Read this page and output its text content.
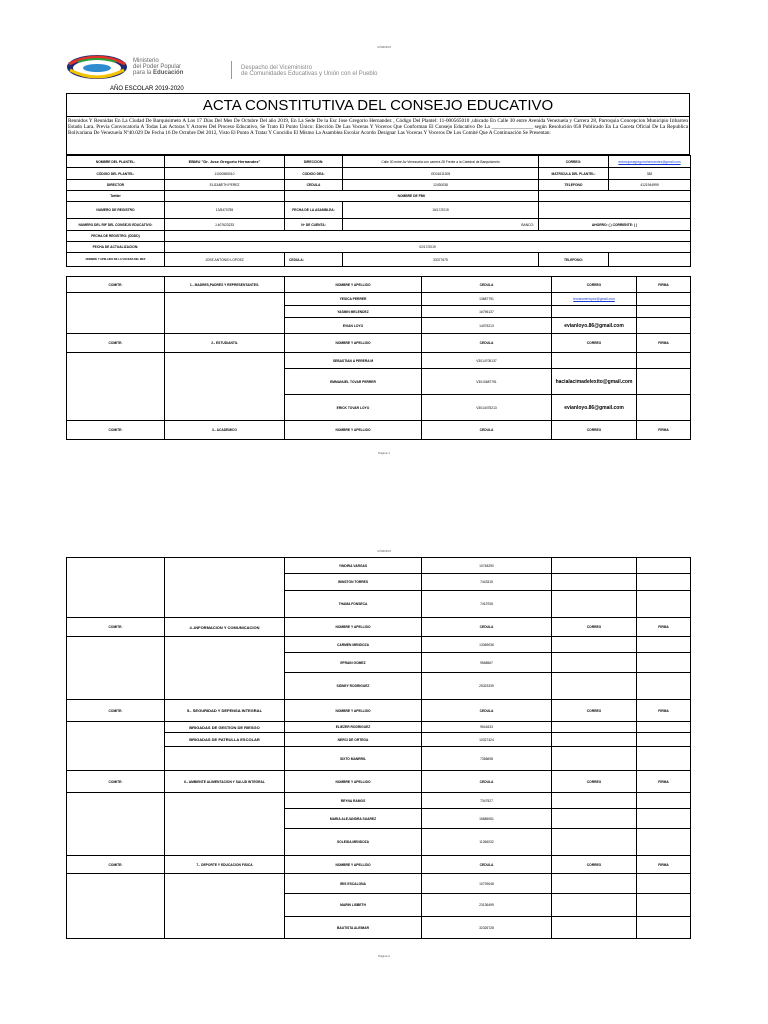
CÓMODO
Ministerio
del Poder Popular
para la Educación
Despacho del Viceministro
de Comunidades Educativas y Unión con el Pueblo
AÑO ESCOLAR 2019-2020
ACTA CONSTITUTIVA DEL CONSEJO EDUCATIVO
Reunidos Y Reunidas En La Ciudad De Barquisimeto A Los 17 Días Del Mes De Octubre Del año 2019, En La Sede De la Esc Jose Gregorio Hernandez , Código Del Plantel: 11-000565010 ,ubicado En Calle 30 entre Avenida Venezuela y Carrera 28, Parroquia Concepcion Municipio Iribarren Estado Lara. Previa Convocatoria A Todas Las Actoras Y Actores Del Proceso Educativo, Se Trato El Punto Único: Elección De Las Voceras Y Voceros Que Conforman El Consejo Educativo De La ________________ según Resolución 058 Publicado En La Gaceta Oficial De La Republica Bolivariana De Venezuela Nº40.029 De Fecha 16 De Octubre Del 2012, Visto El Punto A Tratar Y Concidio El Mismo La Asamblea Escolar Acordo Designar Las Voceras Y Voceros De Los Comité Que A Continuación Se Presentan:
NOMBRE DEL PLANTEL:	EBMU "Dr. Jose Gregorio Hernandez"	DIRECCION:	Calle 30 entre Av Venezuela con carrera 28 Frente a la Catedral de Barquisimeto	CORREO:	eebmujosegregoriohernandez@gmail.com
CÓDIGO DEL PLANTEL:	11000565010	CODIGO DEA:	OD01611305	MATRICULA DEL PLANTEL:	383
DIRECTOR	ELIZABETH PEREZ	CEDULA	12430038	TELEFONO	4121944999
Twitter		NOMBRE DE FBK			
NUMERO DE REGISTRO	13/5470785	FECHA DE LA ASAMBLEA:	16/17/2019		
NUMERO DEL RIF DEL CONSEJO EDUCATIVO:	J-407623233	Nº DE CUENTA:	BANCO:	AHORRO: ( ) CORRIENTE: ( )	
FECHA DE REGISTRO: (DDDD)					
FECHA DE ACTUALIZACION:	02/17/2019				
NOMBRE Y APELLIDO DE LA VOCERA DEL MEF	JOSE ANTONIO LOPOEZ	CEDULA:	33377675	TELEFONO:	
COMITE:	1.- MADRES,PADRES Y REPRESENTANTES.	NOMBRE Y APELLIDO	CEDULA	CORREO	FIRMA
		YESICA PERRER	13687791	leonasmerlopez@gmail.com	
		YASMIN MELENDEZ	16796137		
		EVIAN LOYO	14075213	evianloyo.86@gmail.com	
COMITE:	2.- ESTUDIANTIL	NOMBRE Y APELLIDO	CEDULA	CORREO	FIRMA
		SEBASTIAN A PERERA M	V3014705137		
		EMMANUEL TOVAR PERRER	V3010687791	hacialacimadelexito@gmail.com	
		ERICK TOVAR LOYO	V3014075213	evianloyo.86@gmail.com	
COMITE:	3.- ACADEMICO	NOMBRE Y APELLIDO	CEDULA	CORREO	FIRMA
Página 1
CÓMODO
		YINDIRA VARGAS	10748290		
		WINSTON TORRES	7443315		
		THAMA FONSECA	7419708		
COMITE:	4.-INFORMACION Y COMUNICACION	NOMBRE Y APELLIDO	CEDULA	CORREO	FIRMA
		CARMEN MENDOZA	13369036		
		EFRAIN GOMEZ	9568567		
		SIDNEY RODRIGUEZ	25323339		
COMITE:	5.- SEGURIDAD Y DEFENSA INTEGRAL	NOMBRE Y APELLIDO	CEDULA	CORREO	FIRMA
	BRIGADAS DE GESTION DE RIESGO	ELIEZER RODRIGUEZ	9541633		
	BRIGADAS DE PATRULLA ESCOLAR	NERCI DE ORTEGA	10327424		
		SIXTO MANRRIL	7356698		
COMITE:	6.- AMBIENTE ALIMENTACION Y SALUD INTEGRAL	NOMBRE Y APELLIDO	CEDULA	CORREO	FIRMA
		REYNA RAMOS	7347527		
		MARIA ALEJANDRA SUAREZ	15686051		
		SOLEIDA MENDOZA	11266032		
COMITE:	7.- DEPORTE Y EDUCACION FISICA	NOMBRE Y APELLIDO	CEDULA	CORREO	FIRMA
		IRIS ESCALONA	10739048		
		MARIN LISBETH	23136499		
		BAUTISTA ALEIMAR	32326728		
Página 2
